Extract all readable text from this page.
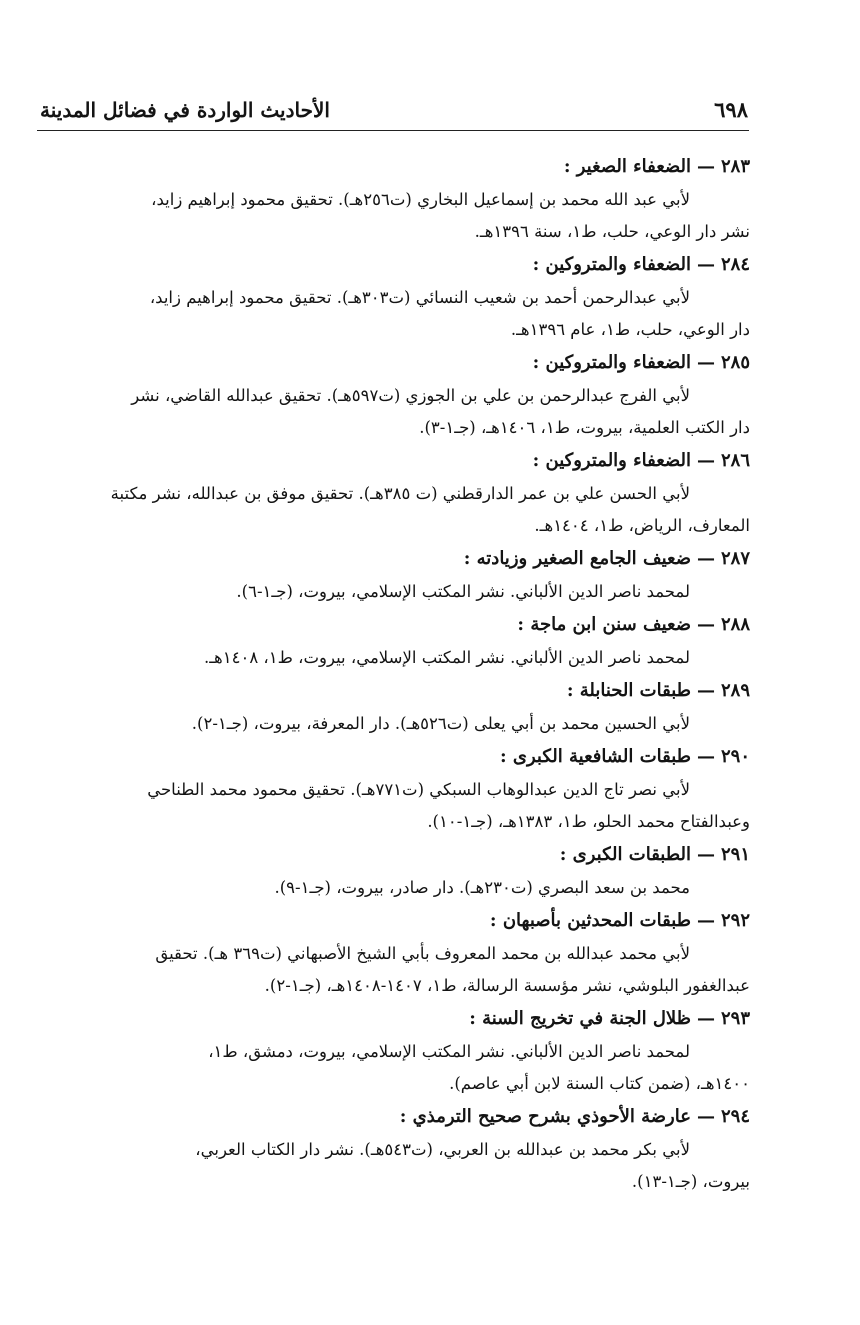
٦٩٨
الأحاديث الواردة في فضائل المدينة
٢٨٣—الضعفاء الصغير :
لأبي عبد الله محمد بن إسماعيل البخاري (ت٢٥٦هـ). تحقيق محمود إبراهيم زايد،
نشر دار الوعي، حلب، ط١، سنة ١٣٩٦هـ.
٢٨٤—الضعفاء والمتروكين :
لأبي عبدالرحمن أحمد بن شعيب النسائي (ت٣٠٣هـ). تحقيق محمود إبراهيم زايد،
دار الوعي، حلب، ط١، عام ١٣٩٦هـ.
٢٨٥—الضعفاء والمتروكين :
لأبي الفرج عبدالرحمن بن علي بن الجوزي (ت٥٩٧هـ). تحقيق عبدالله القاضي، نشر
دار الكتب العلمية، بيروت، ط١، ١٤٠٦هـ، (جـ١-٣).
٢٨٦—الضعفاء والمتروكين :
لأبي الحسن علي بن عمر الدارقطني (ت ٣٨٥هـ). تحقيق موفق بن عبدالله، نشر مكتبة
المعارف، الرياض، ط١، ١٤٠٤هـ.
٢٨٧—ضعيف الجامع الصغير وزيادته :
لمحمد ناصر الدين الألباني. نشر المكتب الإسلامي، بيروت، (جـ١-٦).
٢٨٨—ضعيف سنن ابن ماجة :
لمحمد ناصر الدين الألباني. نشر المكتب الإسلامي، بيروت، ط١، ١٤٠٨هـ.
٢٨٩—طبقات الحنابلة :
لأبي الحسين محمد بن أبي يعلى (ت٥٢٦هـ). دار المعرفة، بيروت، (جـ١-٢).
٢٩٠—طبقات الشافعية الكبرى :
لأبي نصر تاج الدين عبدالوهاب السبكي (ت٧٧١هـ). تحقيق محمود محمد الطناحي
وعبدالفتاح محمد الحلو، ط١، ١٣٨٣هـ، (جـ١-١٠).
٢٩١—الطبقات الكبرى :
محمد بن سعد البصري (ت٢٣٠هـ). دار صادر، بيروت، (جـ١-٩).
٢٩٢—طبقات المحدثين بأصبهان :
لأبي محمد عبدالله بن محمد المعروف بأبي الشيخ الأصبهاني (ت٣٦٩ هـ). تحقيق
عبدالغفور البلوشي، نشر مؤسسة الرسالة، ط١، ١٤٠٧-١٤٠٨هـ، (جـ١-٢).
٢٩٣—ظلال الجنة في تخريج السنة :
لمحمد ناصر الدين الألباني. نشر المكتب الإسلامي، بيروت، دمشق، ط١،
١٤٠٠هـ، (ضمن كتاب السنة لابن أبي عاصم).
٢٩٤—عارضة الأحوذي بشرح صحيح الترمذي :
لأبي بكر محمد بن عبدالله بن العربي، (ت٥٤٣هـ). نشر دار الكتاب العربي،
بيروت، (جـ١-١٣).
